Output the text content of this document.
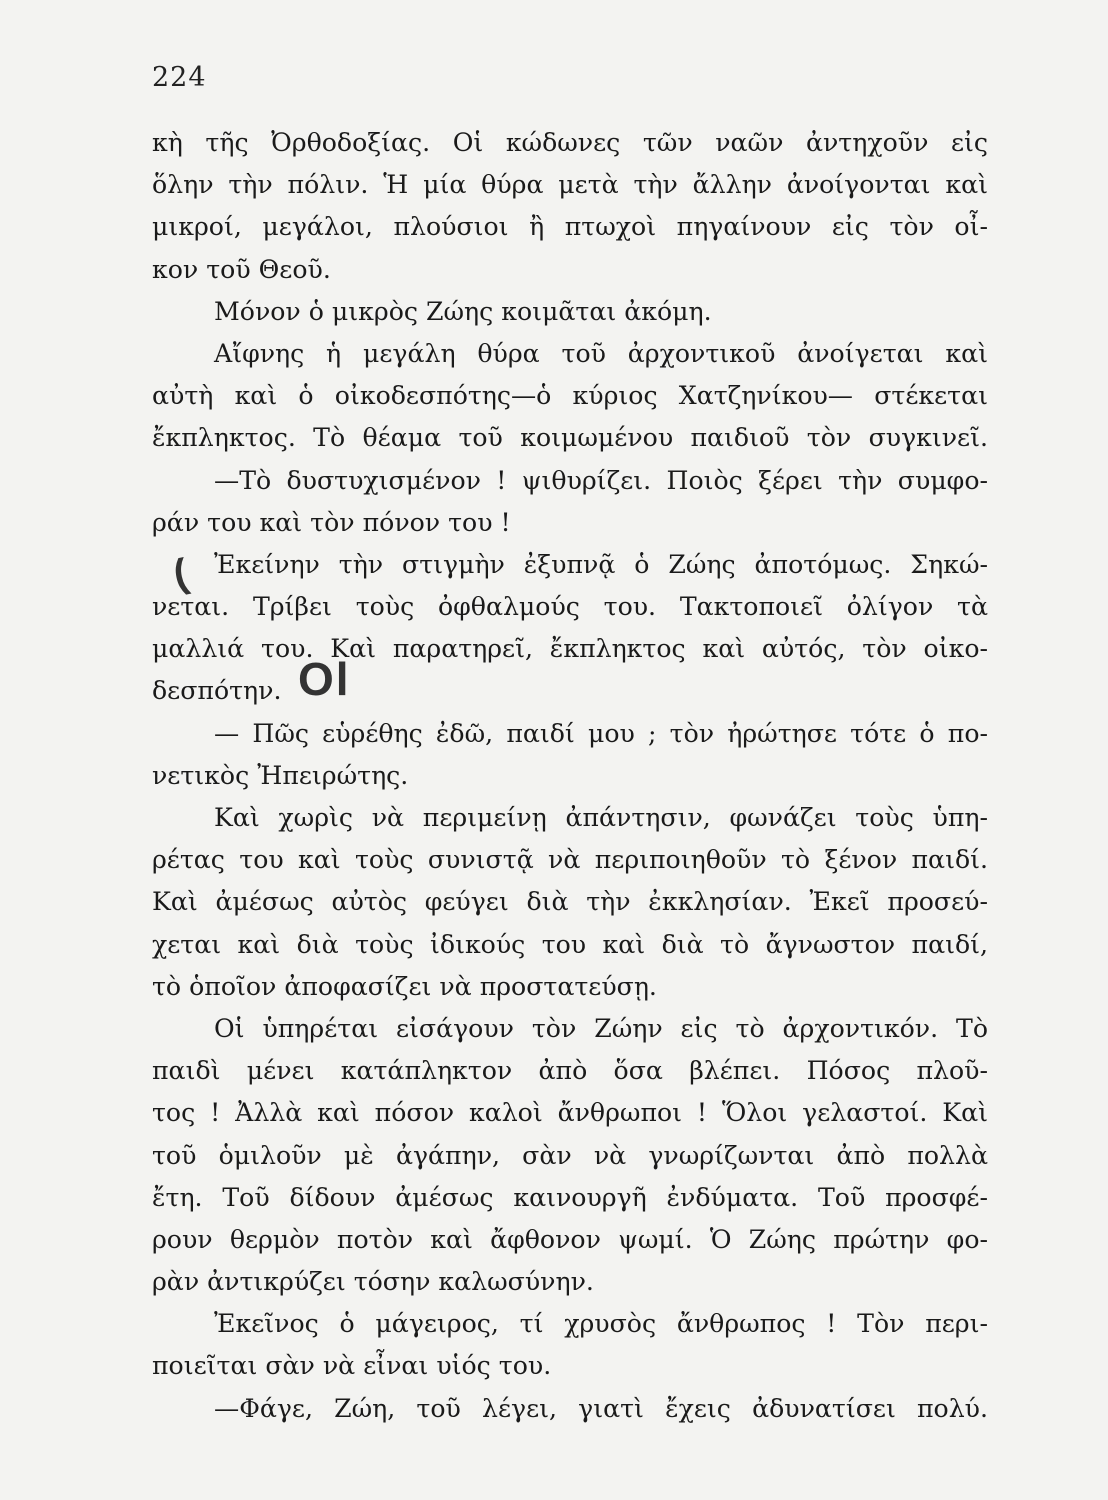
224
κὴ τῆς Ὀρθοδοξίας. Οἱ κώδωνες τῶν ναῶν ἀντηχοῦν εἰς
ὅλην τὴν πόλιν. Ἡ μία θύρα μετὰ τὴν ἄλλην ἀνοίγονται καὶ
μικροί, μεγάλοι, πλούσιοι ἢ πτωχοὶ πηγαίνουν εἰς τὸν οἶ-
κον τοῦ Θεοῦ.
Μόνον ὁ μικρὸς Ζώης κοιμᾶται ἀκόμη.
Αἴφνης ἡ μεγάλη θύρα τοῦ ἀρχοντικοῦ ἀνοίγεται καὶ
αὐτὴ καὶ ὁ οἰκοδεσπότης—ὁ κύριος Χατζηνίκου— στέκεται
ἔκπληκτος. Τὸ θέαμα τοῦ κοιμωμένου παιδιοῦ τὸν συγκινεῖ.
—Τὸ δυστυχισμένον ! ψιθυρίζει. Ποιὸς ξέρει τὴν συμφο-
ράν του καὶ τὸν πόνον του !
Ἐκείνην τὴν στιγμὴν ἐξυπνᾷ ὁ Ζώης ἀποτόμως. Σηκώ-
νεται. Τρίβει τοὺς ὀφθαλμούς του. Τακτοποιεῖ ὀλίγον τὰ
μαλλιά του. Καὶ παρατηρεῖ, ἔκπληκτος καὶ αὐτός, τὸν οἰκο-
δεσπότην.
— Πῶς εὑρέθης ἐδῶ, παιδί μου ; τὸν ἠρώτησε τότε ὁ πο-
νετικὸς Ἠπειρώτης.
Καὶ χωρὶς νὰ περιμείνῃ ἀπάντησιν, φωνάζει τοὺς ὑπη-
ρέτας του καὶ τοὺς συνιστᾷ νὰ περιποιηθοῦν τὸ ξένον παιδί.
Καὶ ἀμέσως αὐτὸς φεύγει διὰ τὴν ἐκκλησίαν. Ἐκεῖ προσεύ-
χεται καὶ διὰ τοὺς ἰδικούς του καὶ διὰ τὸ ἄγνωστον παιδί,
τὸ ὁποῖον ἀποφασίζει νὰ προστατεύσῃ.
Οἱ ὑπηρέται εἰσάγουν τὸν Ζώην εἰς τὸ ἀρχοντικόν. Τὸ
παιδὶ μένει κατάπληκτον ἀπὸ ὅσα βλέπει. Πόσος πλοῦ-
τος ! Ἀλλὰ καὶ πόσον καλοὶ ἄνθρωποι ! Ὅλοι γελαστοί. Καὶ
τοῦ ὁμιλοῦν μὲ ἀγάπην, σὰν νὰ γνωρίζωνται ἀπὸ πολλὰ
ἔτη. Τοῦ δίδουν ἀμέσως καινουργῆ ἐνδύματα. Τοῦ προσφέ-
ρουν θερμὸν ποτὸν καὶ ἄφθονον ψωμί. Ὁ Ζώης πρώτην φο-
ρὰν ἀντικρύζει τόσην καλωσύνην.
Ἐκεῖνος ὁ μάγειρος, τί χρυσὸς ἄνθρωπος ! Τὸν περι-
ποιεῖται σὰν νὰ εἶναι υἱός του.
—Φάγε, Ζώη, τοῦ λέγει, γιατὶ ἔχεις ἀδυνατίσει πολύ.
(
Ol
